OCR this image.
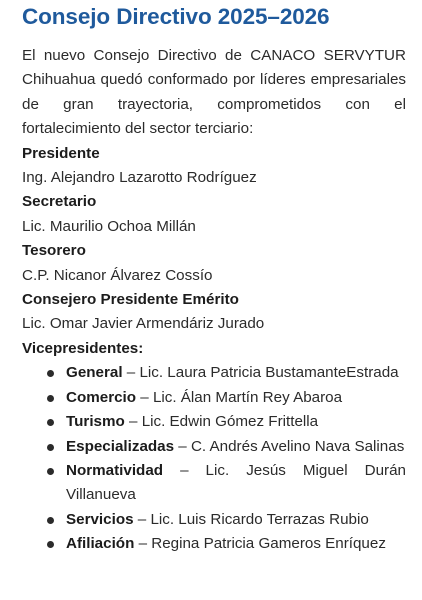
Consejo Directivo 2025–2026

El nuevo Consejo Directivo de CANACO SERVYTUR Chihuahua quedó conformado por líderes empresariales de gran trayectoria, comprometidos con el fortalecimiento del sector terciario:

Presidente

Ing. Alejandro Lazarotto Rodríguez

Secretario

Lic. Maurilio Ochoa Millán

Tesorero

C.P. Nicanor Álvarez Cossío

Consejero Presidente Emérito

Lic. Omar Javier Armendáriz Jurado

Vicepresidentes:

General – Lic. Laura Patricia BustamanteEstrada
Comercio – Lic. Álan Martín Rey Abaroa
Turismo – Lic. Edwin Gómez Frittella
Especializadas – C. Andrés Avelino Nava Salinas
Normatividad – Lic. Jesús Miguel Durán Villanueva
Servicios – Lic. Luis Ricardo Terrazas Rubio
Afiliación – Regina Patricia Gameros Enríquez
